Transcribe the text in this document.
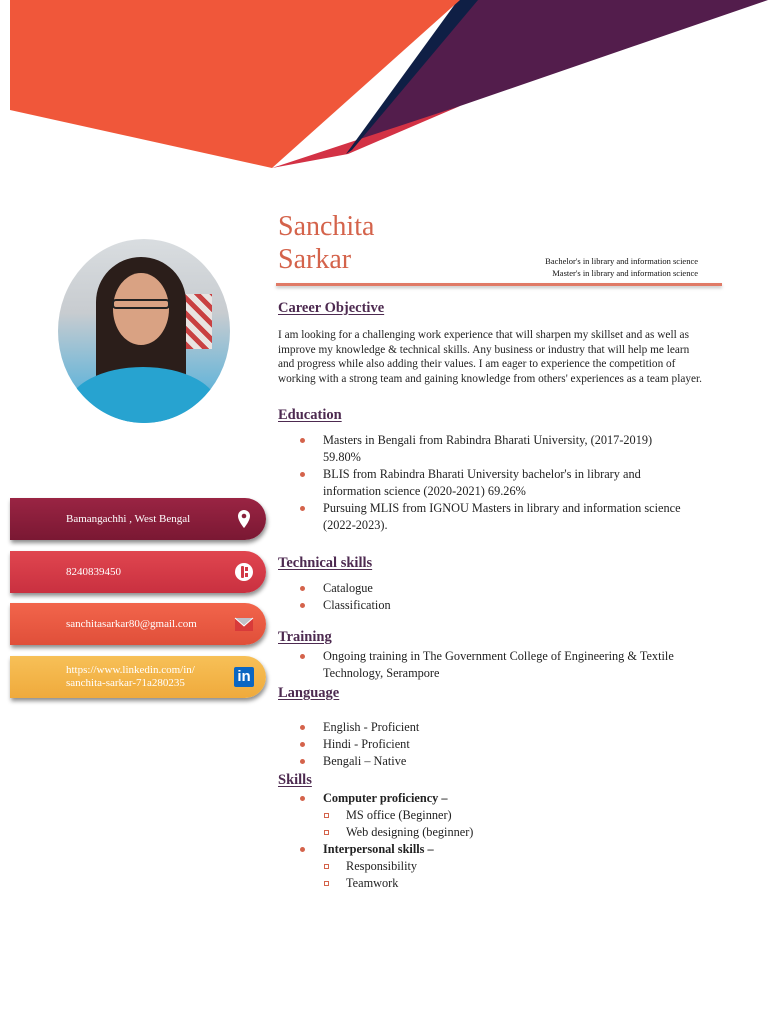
Sanchita
Sarkar	Bachelor's in library and information science
Master's in library and information science
Bamangachhi , West Bengal
8240839450
sanchitasarkar80@gmail.com
https://www.linkedin.com/in/
sanchita-sarkar-71a280235	in
Career Objective
I am looking for a challenging work experience that will sharpen my skillset and as well as improve my knowledge & technical skills. Any business or industry that will help me learn and progress while also adding their values. I am eager to experience the competition of working with a strong team and gaining knowledge from others' experiences as a team player.
Education
Masters in Bengali from Rabindra Bharati University, (2017-2019) 59.80%
BLIS from Rabindra Bharati University bachelor's in library and information science (2020-2021) 69.26%
Pursuing MLIS from IGNOU Masters in library and information science (2022-2023).
Technical skills
Catalogue
Classification
Training
Ongoing training in The Government College of Engineering & Textile Technology, Serampore
Language
English - Proficient
Hindi - Proficient
Bengali – Native
Skills
Computer proficiency –
MS office (Beginner)
Web designing (beginner)
Interpersonal skills –
Responsibility
Teamwork
